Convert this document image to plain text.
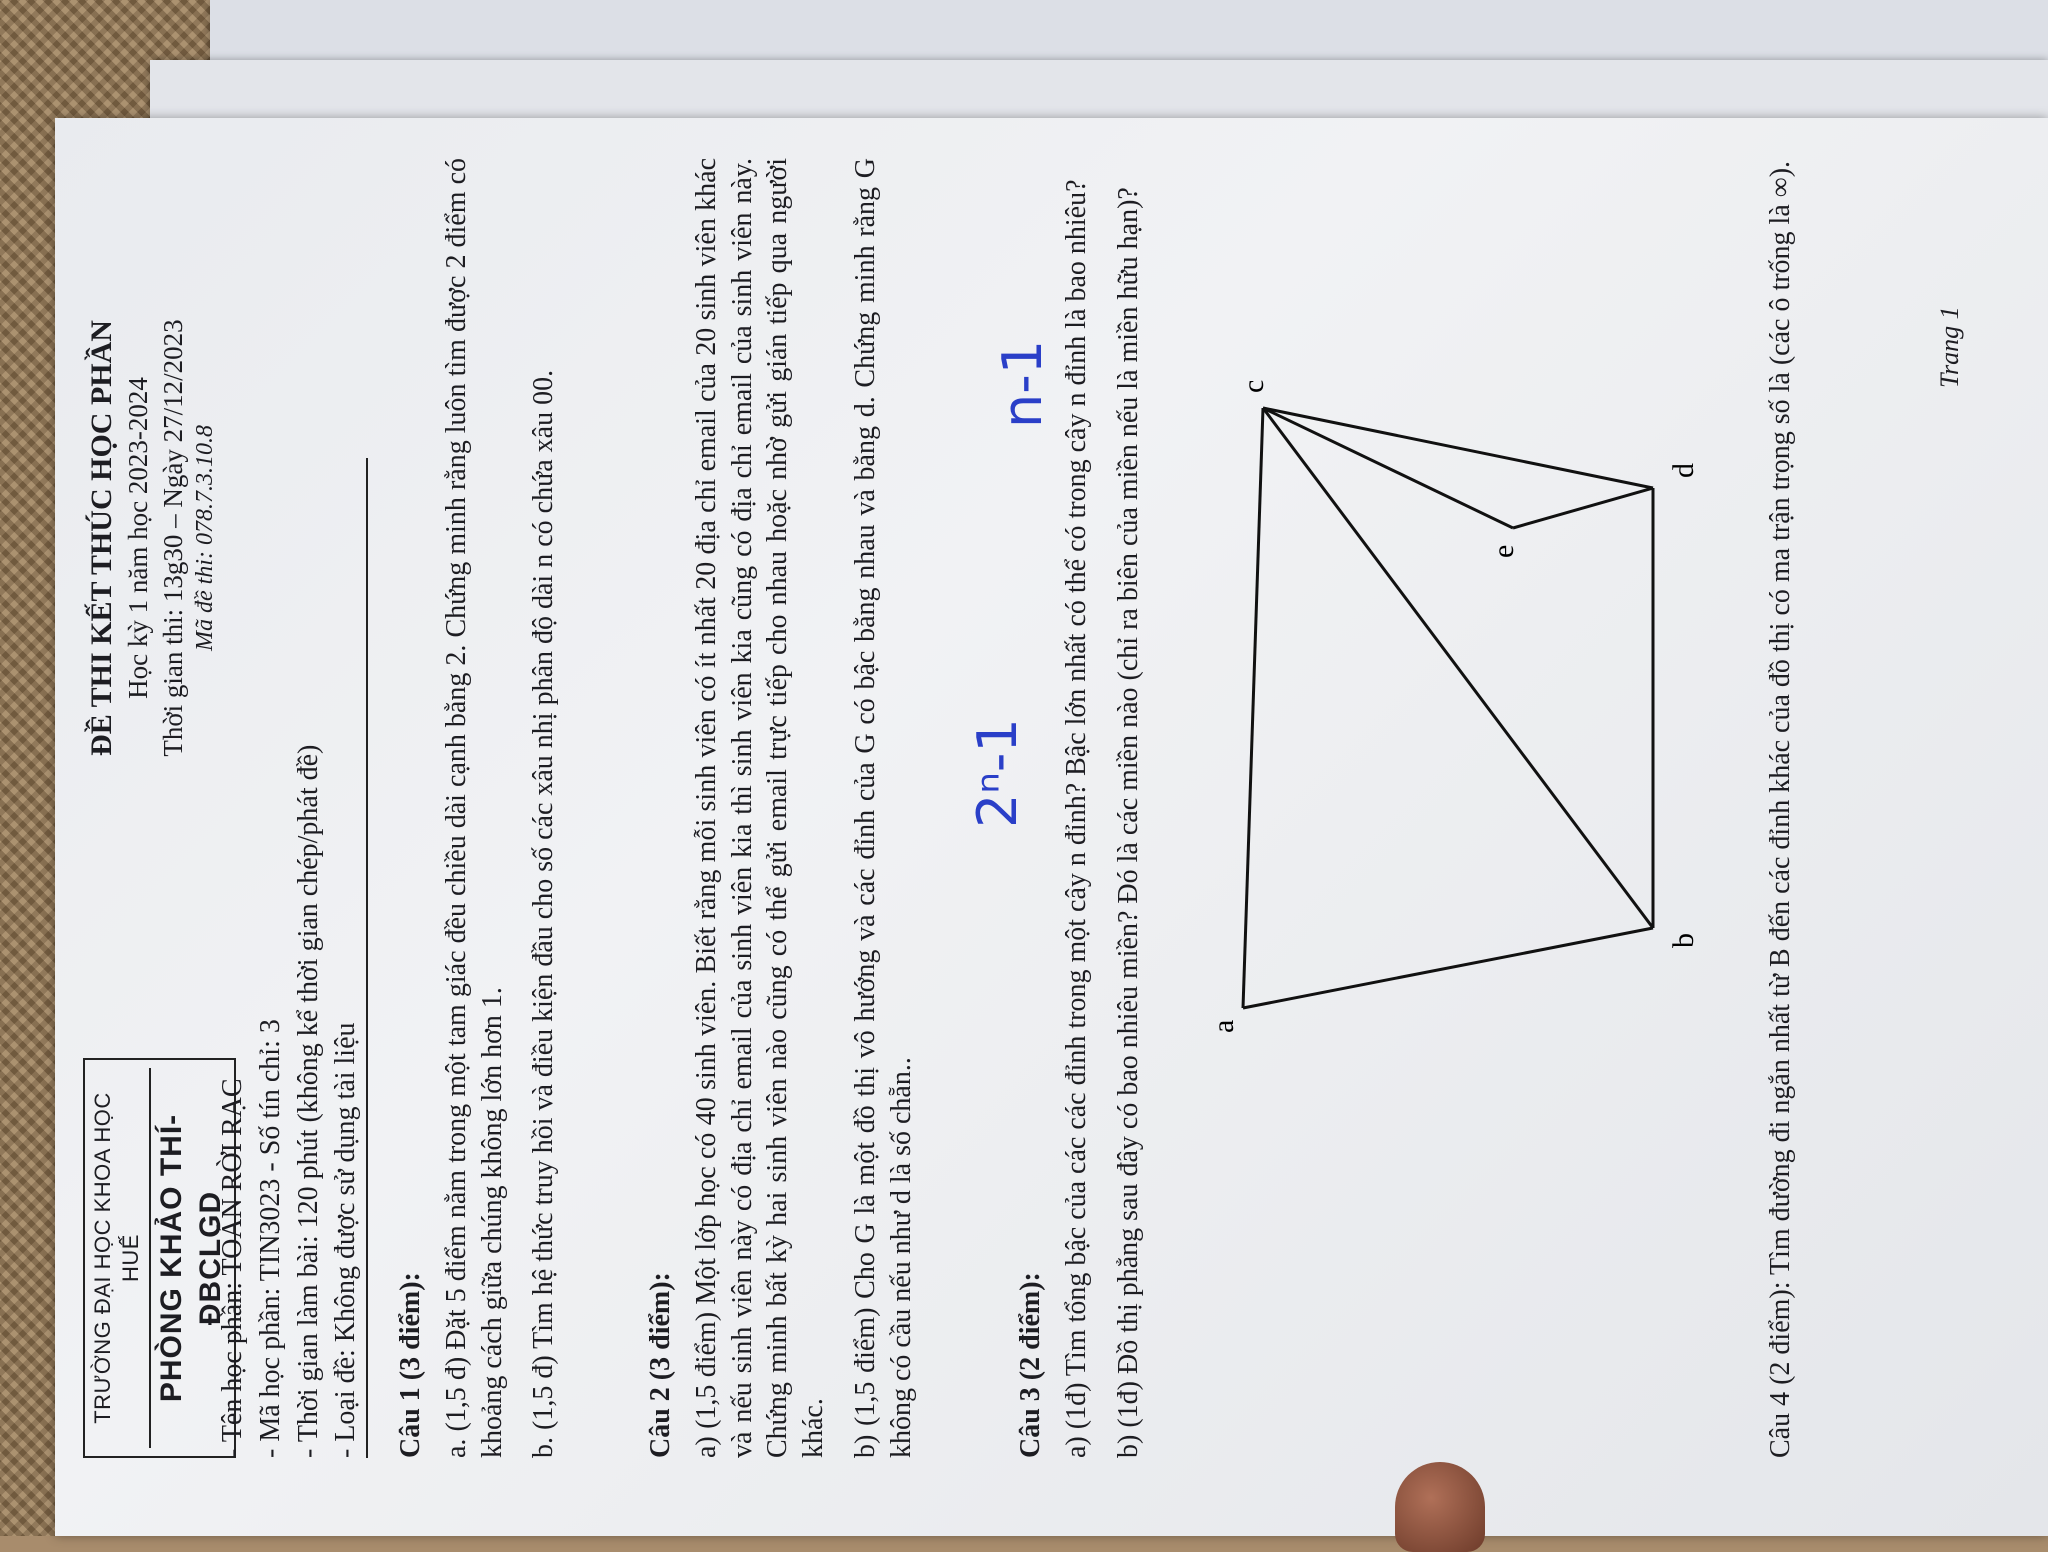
TRƯỜNG ĐẠI HỌC KHOA HỌC HUẾ PHÒNG KHẢO THÍ-ĐBCLGD
ĐỀ THI KẾT THÚC HỌC PHẦN Học kỳ 1 năm học 2023-2024 Thời gian thi: 13g30 – Ngày 27/12/2023 Mã đề thi: 078.7.3.10.8
- Tên học phần: TOÁN RỜI RẠC - Mã học phần: TIN3023 - Số tín chỉ: 3 - Thời gian làm bài: 120 phút (không kể thời gian chép/phát đề) - Loại đề: Không được sử dụng tài liệu Câu 1 (3 điểm): a. (1,5 đ) Đặt 5 điểm nằm trong một tam giác đều chiều dài cạnh bằng 2. Chứng minh rằng luôn tìm được 2 điểm có khoảng cách giữa chúng không lớn hơn 1. b. (1,5 đ) Tìm hệ thức truy hồi và điều kiện đầu cho số các xâu nhị phân độ dài n có chứa xâu 00.	Câu 2 (3 điểm): a) (1,5 điểm) Một lớp học có 40 sinh viên. Biết rằng mỗi sinh viên có ít nhất 20 địa chỉ email của 20 sinh viên khác và nếu sinh viên này có địa chỉ email của sinh viên kia thì sinh viên kia cũng có địa chỉ email của sinh viên này. Chứng minh bất kỳ hai sinh viên nào cũng có thể gửi email trực tiếp cho nhau hoặc nhờ gửi gián tiếp qua người khác. b) (1,5 điểm) Cho G là một đồ thị vô hướng và các đỉnh của G có bậc bằng nhau và bằng d. Chứng minh rằng G không có cầu nếu như d là số chẵn..

2ⁿ-1
n-1
Câu 3 (2 điểm): a) (1đ) Tìm tổng bậc của các các đỉnh trong một cây n đỉnh? Bậc lớn nhất có thể có trong cây n đỉnh là bao nhiêu? b) (1đ) Đồ thị phẳng sau đây có bao nhiêu miền? Đó là các miền nào (chỉ ra biên của miền nếu là miền hữu hạn)? a
b
c
d
e	Câu 4 (2 điểm): Tìm đường đi ngắn nhất từ B đến các đỉnh khác của đồ thị có ma trận trọng số là (các ô trống là ∞).	Trang 1
